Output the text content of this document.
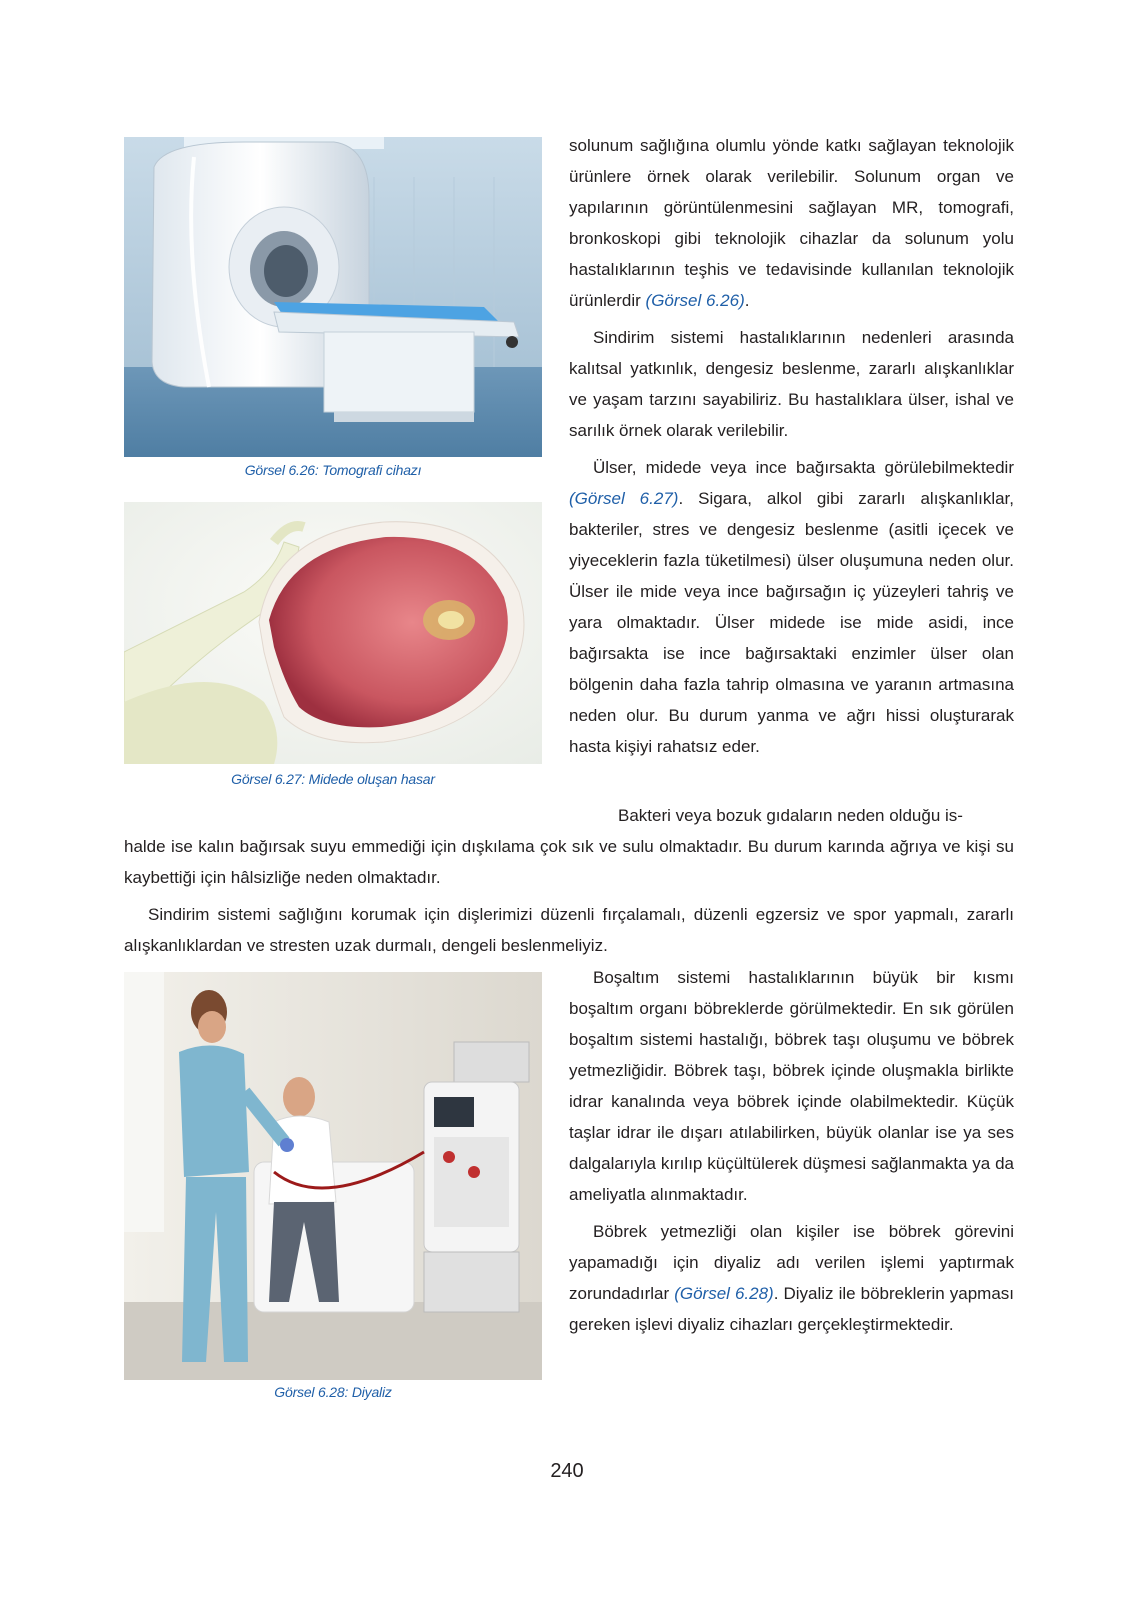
Görsel 6.26: Tomografi cihazı
Görsel 6.27: Midede oluşan hasar

solunum sağlığına olumlu yönde katkı sağlayan teknolojik ürünlere örnek olarak verilebilir. Solunum organ ve yapılarının görüntülenmesini sağlayan MR, tomografi, bronkoskopi gibi teknolojik cihazlar da solunum yolu hastalıklarının teşhis ve tedavisinde kullanılan teknolojik ürünlerdir (Görsel 6.26).

Sindirim sistemi hastalıklarının nedenleri arasında kalıtsal yatkınlık, dengesiz beslenme, zararlı alışkanlıklar ve yaşam tarzını sayabiliriz. Bu hastalıklara ülser, ishal ve sarılık örnek olarak verilebilir.

Ülser, midede veya ince bağırsakta görülebilmektedir (Görsel 6.27). Sigara, alkol gibi zararlı alışkanlıklar, bakteriler, stres ve dengesiz beslenme (asitli içecek ve yiyeceklerin fazla tüketilmesi) ülser oluşumuna neden olur. Ülser ile mide veya ince bağırsağın iç yüzeyleri tahriş ve yara olmaktadır. Ülser midede ise mide asidi, ince bağırsakta ise ince bağırsaktaki enzimler ülser olan bölgenin daha fazla tahrip olmasına ve yaranın artmasına neden olur. Bu durum yanma ve ağrı hissi oluşturarak hasta kişiyi rahatsız eder.

Bakteri veya bozuk gıdaların neden olduğu is-

halde ise kalın bağırsak suyu emmediği için dışkılama çok sık ve sulu olmaktadır. Bu durum karında ağrıya ve kişi su kaybettiği için hâlsizliğe neden olmaktadır.

Sindirim sistemi sağlığını korumak için dişlerimizi düzenli fırçalamalı, düzenli egzersiz ve spor yapmalı, zararlı alışkanlıklardan ve stresten uzak durmalı, dengeli beslenmeliyiz.

Görsel 6.28: Diyaliz

Boşaltım sistemi hastalıklarının büyük bir kısmı boşaltım organı böbreklerde görülmektedir. En sık görülen boşaltım sistemi hastalığı, böbrek taşı oluşumu ve böbrek yetmezliğidir. Böbrek taşı, böbrek içinde oluşmakla birlikte idrar kanalında veya böbrek içinde olabilmektedir. Küçük taşlar idrar ile dışarı atılabilirken, büyük olanlar ise ya ses dalgalarıyla kırılıp küçültülerek düşmesi sağlanmakta ya da ameliyatla alınmaktadır.

Böbrek yetmezliği olan kişiler ise böbrek görevini yapamadığı için diyaliz adı verilen işlemi yaptırmak zorundadırlar (Görsel 6.28). Diyaliz ile böbreklerin yapması gereken işlevi diyaliz cihazları gerçekleştirmektedir.

240
